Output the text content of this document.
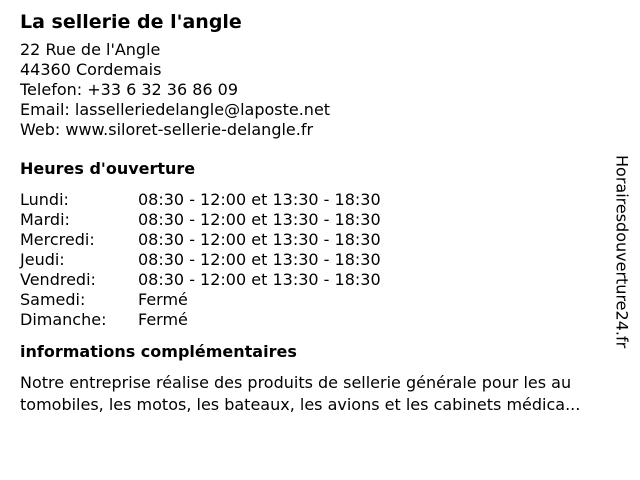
La sellerie de l'angle
22 Rue de l'Angle
44360 Cordemais
Telefon: +33 6 32 36 86 09
Email: lasselleriedelangle@laposte.net
Web: www.siloret-sellerie-delangle.fr
Heures d'ouverture
Lundi:	08:30 - 12:00 et 13:30 - 18:30
Mardi:	08:30 - 12:00 et 13:30 - 18:30
Mercredi:	08:30 - 12:00 et 13:30 - 18:30
Jeudi:	08:30 - 12:00 et 13:30 - 18:30
Vendredi:	08:30 - 12:00 et 13:30 - 18:30
Samedi:	Fermé
Dimanche:	Fermé
informations complémentaires
Notre entreprise réalise des produits de sellerie générale pour les au
tomobiles, les motos, les bateaux, les avions et les cabinets médica...
Horairesdouverture24.fr
